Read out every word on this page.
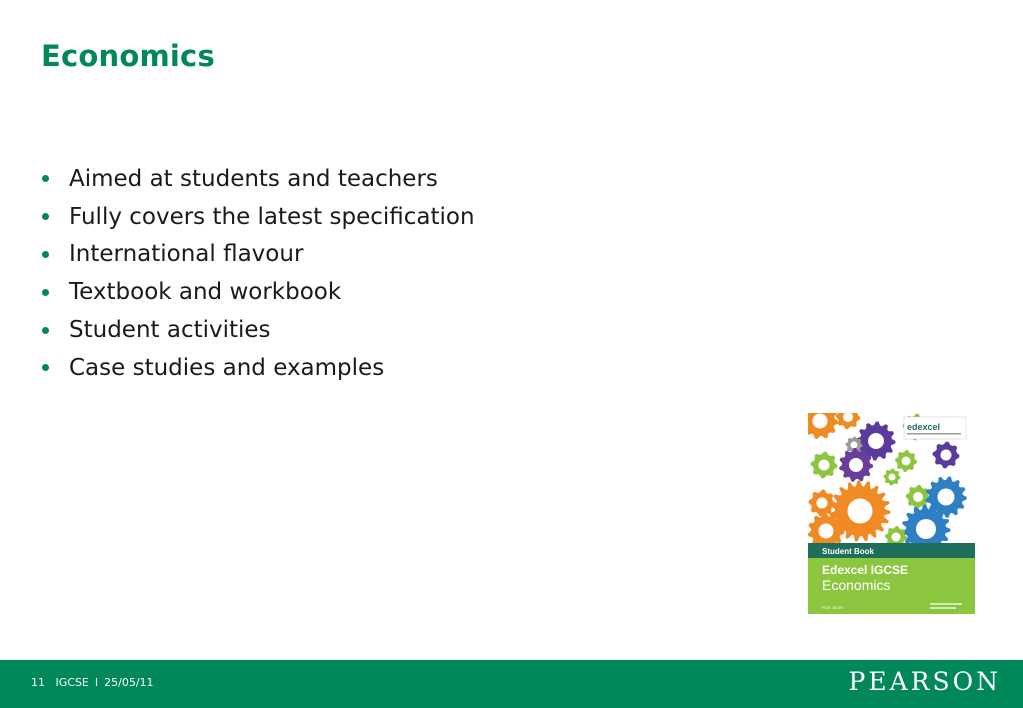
Economics
Aimed at students and teachers
Fully covers the latest specification
International flavour
Textbook and workbook
Student activities
Case studies and examples
edexcel
Student Book
Edexcel IGCSE
Economics
Rob Jones
11 IGCSE I 25/05/11	PEARSON
